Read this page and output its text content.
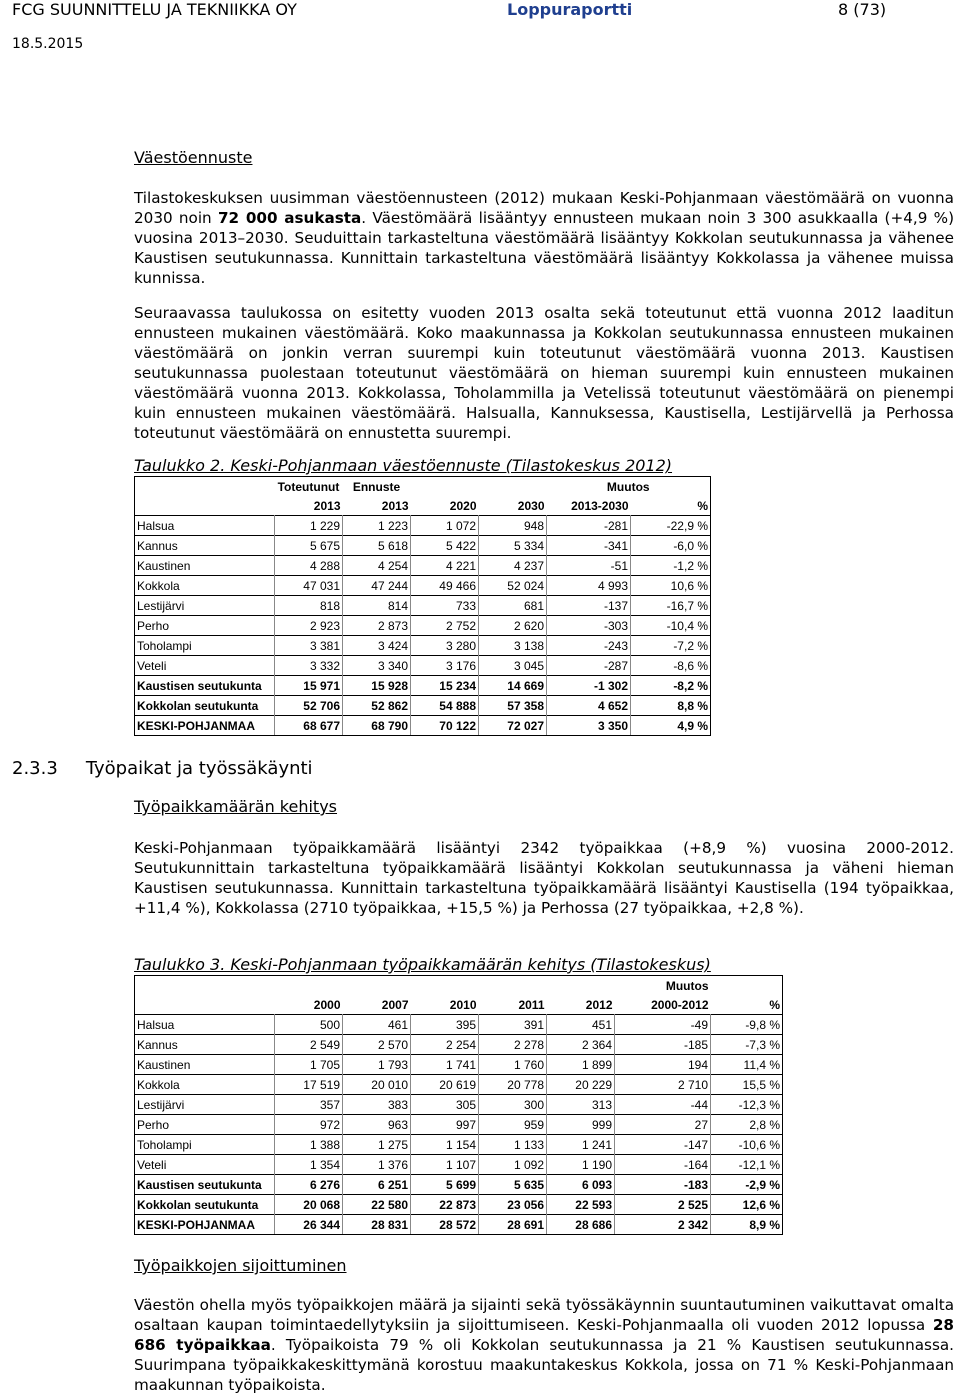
FCG SUUNNITTELU JA TEKNIIKKA OY	Loppuraportti	8 (73)
18.5.2015
Väestöennuste

Tilastokeskuksen uusimman väestöennusteen (2012) mukaan Keski-Pohjanmaan väestömäärä on vuonna 2030 noin 72 000 asukasta. Väestömäärä lisääntyy ennusteen mukaan noin 3 300 asukkaalla (+4,9 %) vuosina 2013–2030. Seuduittain tarkasteltuna väestömäärä lisääntyy Kokkolan seutukunnassa ja vähenee Kaustisen seutukunnassa. Kunnittain tarkasteltuna väestömäärä lisääntyy Kokkolassa ja vähenee muissa kunnissa.

Seuraavassa taulukossa on esitetty vuoden 2013 osalta sekä toteutunut että vuonna 2012 laaditun ennusteen mukainen väestömäärä. Koko maakunnassa ja Kokkolan seutukunnassa ennusteen mukainen väestömäärä on jonkin verran suurempi kuin toteutunut väestömäärä vuonna 2013. Kaustisen seutukunnassa puolestaan toteutunut väestömäärä on hieman suurempi kuin ennusteen mukainen väestömäärä vuonna 2013. Kokkolassa, Toholammilla ja Vetelissä toteutunut väestömäärä on pienempi kuin ennusteen mukainen väestömäärä. Halsualla, Kannuksessa, Kaustisella, Lestijärvellä ja Perhossa toteutunut väestömäärä on ennustetta suurempi.

Taulukko 2. Keski-Pohjanmaan väestöennuste (Tilastokeskus 2012)
	Toteutunut	Ennuste			Muutos	
	2013	2013	2020	2030	2013-2030	%
Halsua	1 229	1 223	1 072	948	-281	-22,9 %
Kannus	5 675	5 618	5 422	5 334	-341	-6,0 %
Kaustinen	4 288	4 254	4 221	4 237	-51	-1,2 %
Kokkola	47 031	47 244	49 466	52 024	4 993	10,6 %
Lestijärvi	818	814	733	681	-137	-16,7 %
Perho	2 923	2 873	2 752	2 620	-303	-10,4 %
Toholampi	3 381	3 424	3 280	3 138	-243	-7,2 %
Veteli	3 332	3 340	3 176	3 045	-287	-8,6 %
Kaustisen seutukunta	15 971	15 928	15 234	14 669	-1 302	-8,2 %
Kokkolan seutukunta	52 706	52 862	54 888	57 358	4 652	8,8 %
KESKI-POHJANMAA	68 677	68 790	70 122	72 027	3 350	4,9 %
2.3.3 Työpaikat ja työssäkäynti
Työpaikkamäärän kehitys

Keski-Pohjanmaan työpaikkamäärä lisääntyi 2342 työpaikkaa (+8,9 %) vuosina 2000-2012. Seutukunnittain tarkasteltuna työpaikkamäärä lisääntyi Kokkolan seutukunnassa ja väheni hieman Kaustisen seutukunnassa. Kunnittain tarkasteltuna työpaikkamäärä lisääntyi Kaustisella (194 työpaikkaa, +11,4 %), Kokkolassa (2710 työpaikkaa, +15,5 %) ja Perhossa (27 työpaikkaa, +2,8 %).

Taulukko 3. Keski-Pohjanmaan työpaikkamäärän kehitys (Tilastokeskus)
						Muutos	
	2000	2007	2010	2011	2012	2000-2012	%
Halsua	500	461	395	391	451	-49	-9,8 %
Kannus	2 549	2 570	2 254	2 278	2 364	-185	-7,3 %
Kaustinen	1 705	1 793	1 741	1 760	1 899	194	11,4 %
Kokkola	17 519	20 010	20 619	20 778	20 229	2 710	15,5 %
Lestijärvi	357	383	305	300	313	-44	-12,3 %
Perho	972	963	997	959	999	27	2,8 %
Toholampi	1 388	1 275	1 154	1 133	1 241	-147	-10,6 %
Veteli	1 354	1 376	1 107	1 092	1 190	-164	-12,1 %
Kaustisen seutukunta	6 276	6 251	5 699	5 635	6 093	-183	-2,9 %
Kokkolan seutukunta	20 068	22 580	22 873	23 056	22 593	2 525	12,6 %
KESKI-POHJANMAA	26 344	28 831	28 572	28 691	28 686	2 342	8,9 %
Työpaikkojen sijoittuminen

Väestön ohella myös työpaikkojen määrä ja sijainti sekä työssäkäynnin suuntautuminen vaikuttavat omalta osaltaan kaupan toimintaedellytyksiin ja sijoittumiseen. Keski-Pohjanmaalla oli vuoden 2012 lopussa 28 686 työpaikkaa. Työpaikoista 79 % oli Kokkolan seutukunnassa ja 21 % Kaustisen seutukunnassa. Suurimpana työpaikkakeskittymänä korostuu maakuntakeskus Kokkola, jossa on 71 % Keski-Pohjanmaan maakunnan työpaikoista.
